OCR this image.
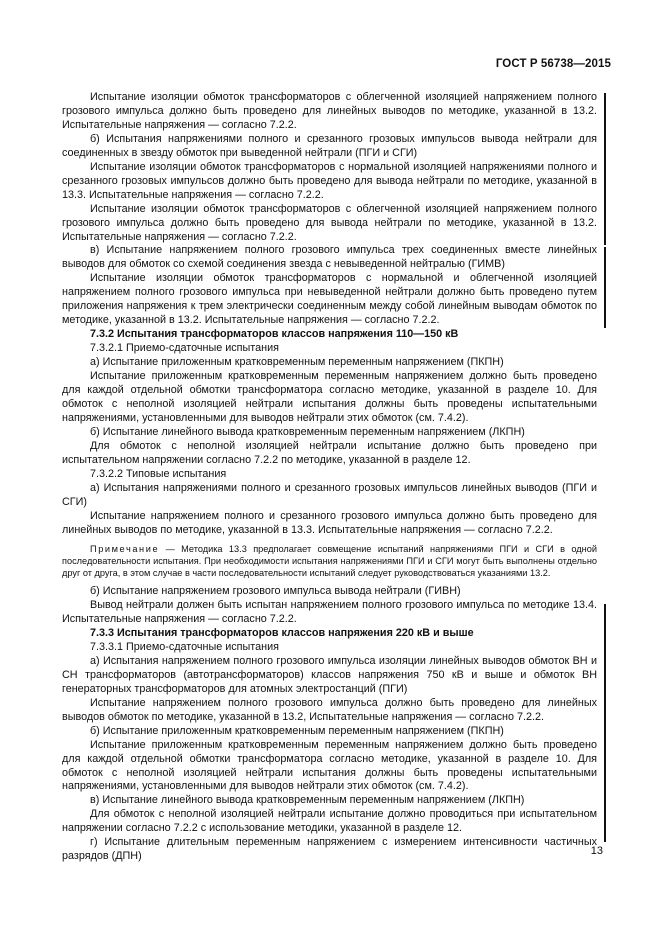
ГОСТ Р 56738—2015

Испытание изоляции обмоток трансформаторов с облегченной изоляцией напряжением полного грозового импульса должно быть проведено для линейных выводов по методике, указанной в 13.2. Испытательные напряжения — согласно 7.2.2.

б) Испытания напряжениями полного и срезанного грозовых импульсов вывода нейтрали для соединенных в звезду обмоток при выведенной нейтрали (ПГИ и СГИ)

Испытание изоляции обмоток трансформаторов с нормальной изоляцией напряжениями полного и срезанного грозовых импульсов должно быть проведено для вывода нейтрали по методике, указанной в 13.3. Испытательные напряжения — согласно 7.2.2.

Испытание изоляции обмоток трансформаторов с облегченной изоляцией напряжением полного грозового импульса должно быть проведено для вывода нейтрали по методике, указанной в 13.2. Испытательные напряжения — согласно 7.2.2.

в) Испытание напряжением полного грозового импульса трех соединенных вместе линейных выводов для обмоток со схемой соединения звезда с невыведенной нейтралью (ГИМВ)

Испытание изоляции обмоток трансформаторов с нормальной и облегченной изоляцией напряжением полного грозового импульса при невыведенной нейтрали должно быть проведено путем приложения напряжения к трем электрически соединенным между собой линейным выводам обмоток по методике, указанной в 13.2. Испытательные напряжения — согласно 7.2.2.

7.3.2 Испытания трансформаторов классов напряжения 110—150 кВ

7.3.2.1 Приемо-сдаточные испытания

а) Испытание приложенным кратковременным переменным напряжением (ПКПН)

Испытание приложенным кратковременным переменным напряжением должно быть проведено для каждой отдельной обмотки трансформатора согласно методике, указанной в разделе 10. Для обмоток с неполной изоляцией нейтрали испытания должны быть проведены испытательными напряжениями, установленными для выводов нейтрали этих обмоток (см. 7.4.2).

б) Испытание линейного вывода кратковременным переменным напряжением (ЛКПН)

Для обмоток с неполной изоляцией нейтрали испытание должно быть проведено при испытательном напряжении согласно 7.2.2 по методике, указанной в разделе 12.

7.3.2.2 Типовые испытания

а) Испытания напряжениями полного и срезанного грозовых импульсов линейных выводов (ПГИ и СГИ)

Испытание напряжением полного и срезанного грозового импульса должно быть проведено для линейных выводов по методике, указанной в 13.3. Испытательные напряжения — согласно 7.2.2.

Примечание — Методика 13.3 предполагает совмещение испытаний напряжениями ПГИ и СГИ в одной последовательности испытания. При необходимости испытания напряжениями ПГИ и СГИ могут быть выполнены отдельно друг от друга, в этом случае в части последовательности испытаний следует руководствоваться указаниями 13.2.

б) Испытание напряжением грозового импульса вывода нейтрали (ГИВН)

Вывод нейтрали должен быть испытан напряжением полного грозового импульса по методике 13.4. Испытательные напряжения — согласно 7.2.2.

7.3.3 Испытания трансформаторов классов напряжения 220 кВ и выше

7.3.3.1 Приемо-сдаточные испытания

а) Испытания напряжением полного грозового импульса изоляции линейных выводов обмоток ВН и СН трансформаторов (автотрансформаторов) классов напряжения 750 кВ и выше и обмоток ВН генераторных трансформаторов для атомных электростанций (ПГИ)

Испытание напряжением полного грозового импульса должно быть проведено для линейных выводов обмоток по методике, указанной в 13.2, Испытательные напряжения — согласно 7.2.2.

б) Испытание приложенным кратковременным переменным напряжением (ПКПН)

Испытание приложенным кратковременным переменным напряжением должно быть проведено для каждой отдельной обмотки трансформатора согласно методике, указанной в разделе 10. Для обмоток с неполной изоляцией нейтрали испытания должны быть проведены испытательными напряжениями, установленными для выводов нейтрали этих обмоток (см. 7.4.2).

в) Испытание линейного вывода кратковременным переменным напряжением (ЛКПН)

Для обмоток с неполной изоляцией нейтрали испытание должно проводиться при испытательном напряжении согласно 7.2.2 с использование методики, указанной в разделе 12.

г) Испытание длительным переменным напряжением с измерением интенсивности частичных разрядов (ДПН)	13
